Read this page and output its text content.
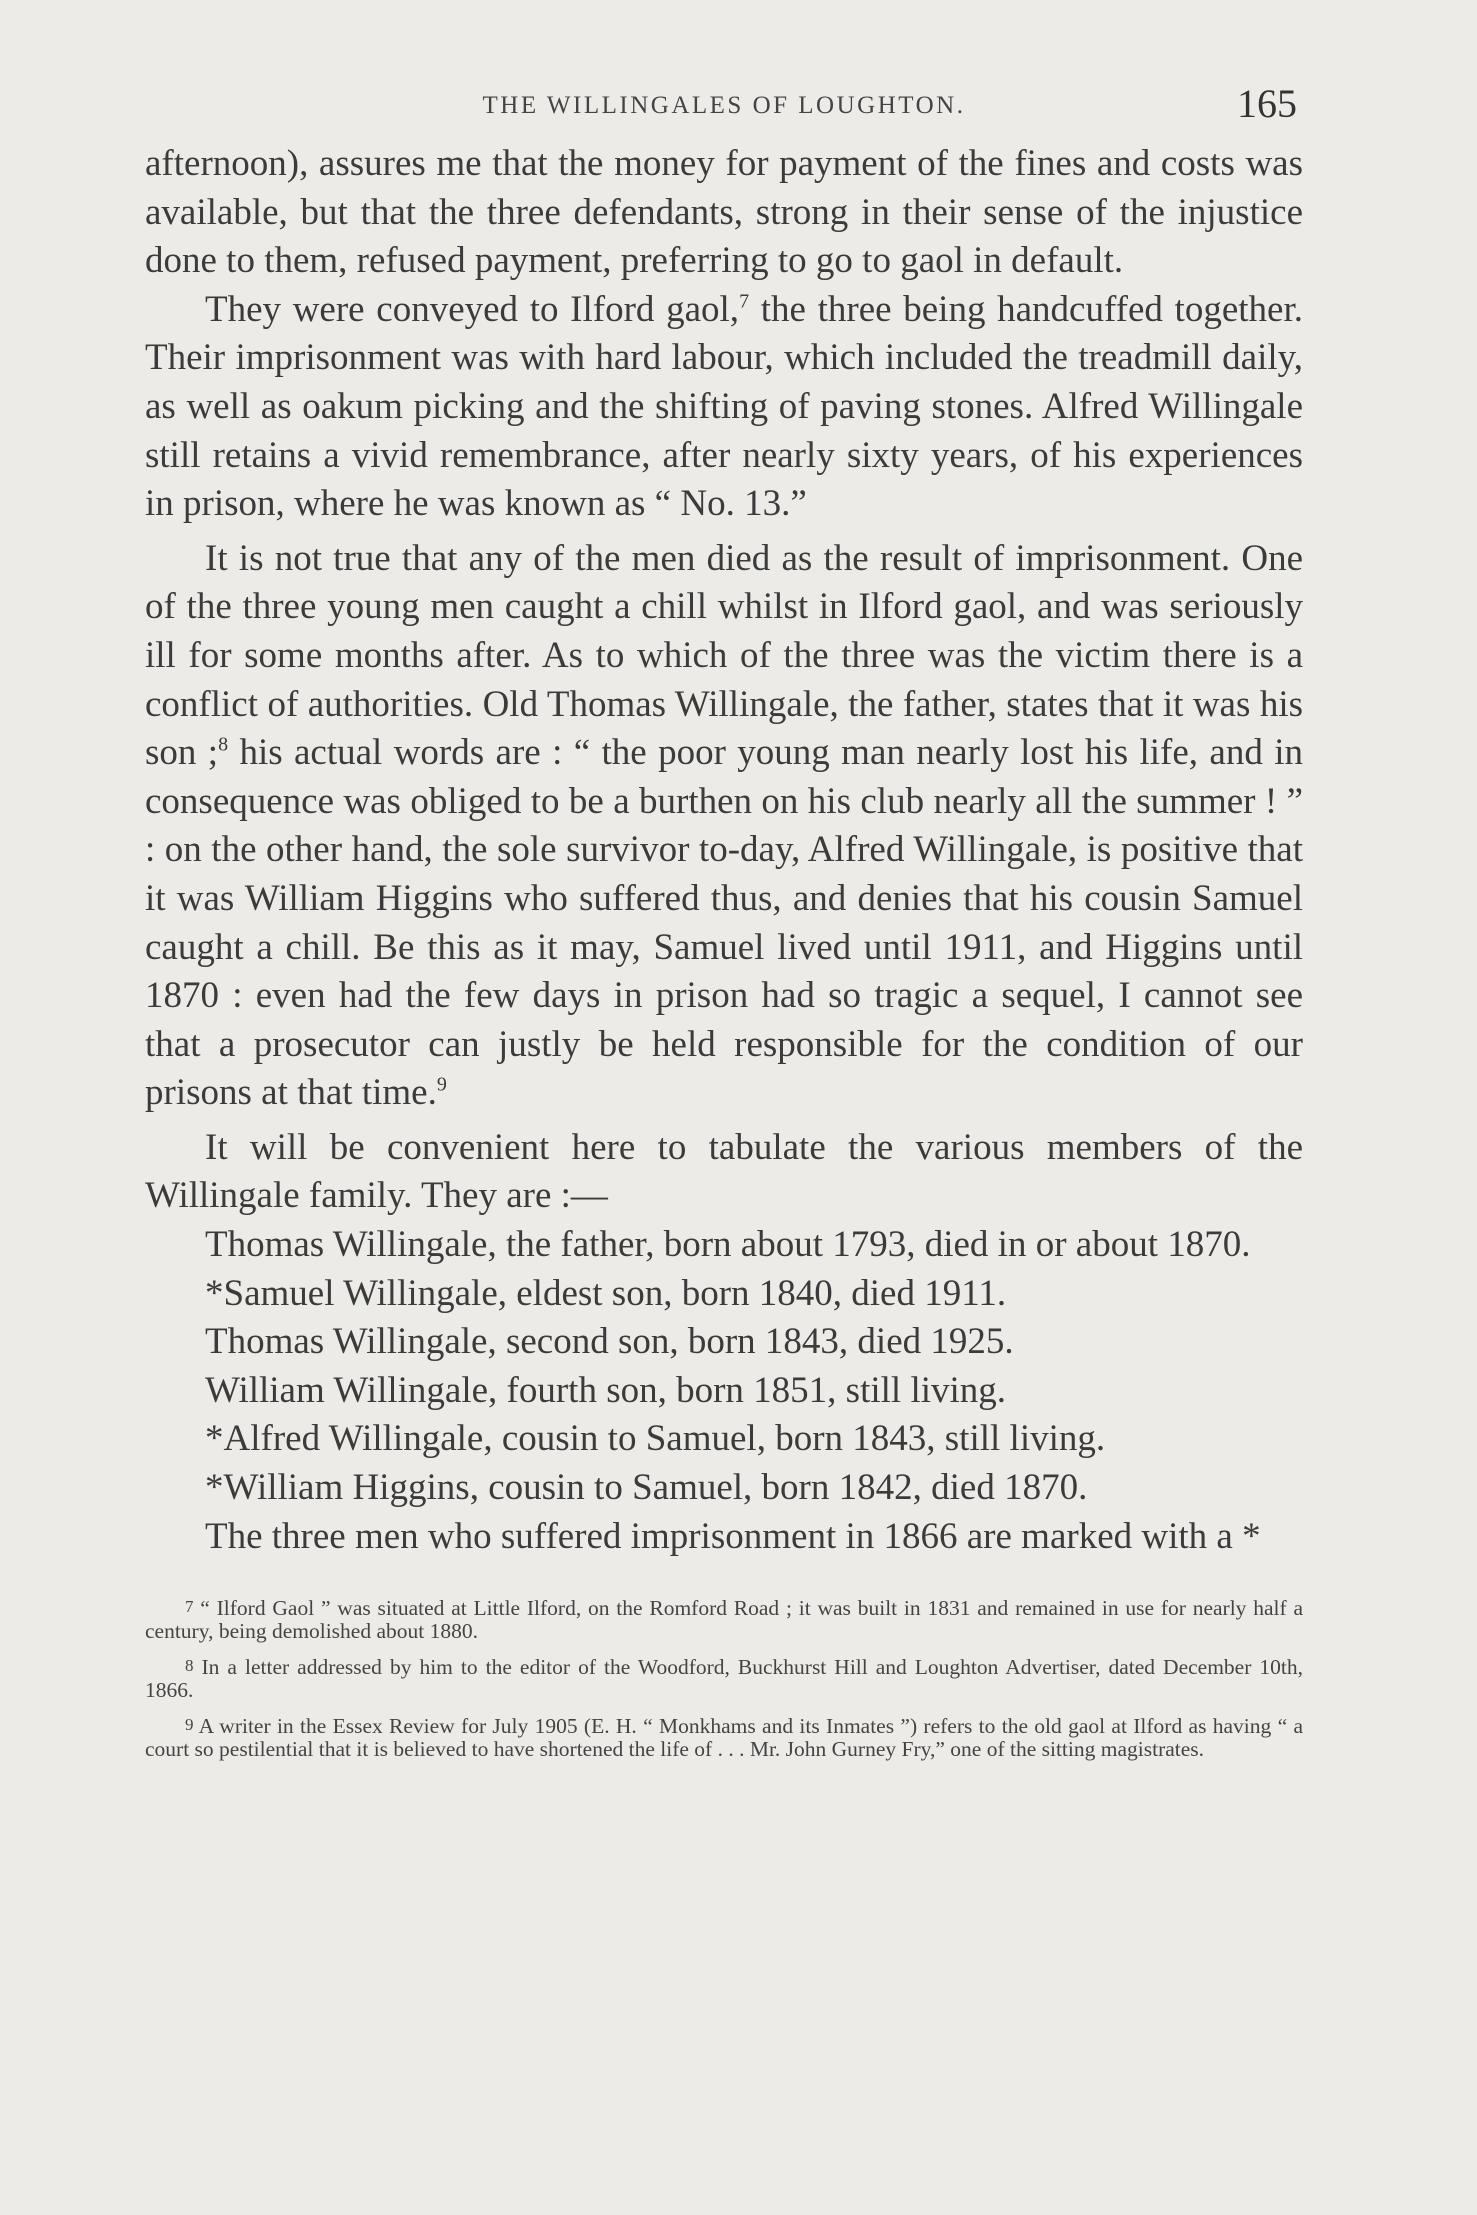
THE WILLINGALES OF LOUGHTON.	165

afternoon), assures me that the money for payment of the fines and costs was available, but that the three defendants, strong in their sense of the injustice done to them, refused payment, preferring to go to gaol in default.

They were conveyed to Ilford gaol,$^7$ the three being handcuffed together. Their imprisonment was with hard labour, which included the treadmill daily, as well as oakum picking and the shifting of paving stones. Alfred Willingale still retains a vivid remembrance, after nearly sixty years, of his experiences in prison, where he was known as “ No. 13.”

It is not true that any of the men died as the result of imprisonment. One of the three young men caught a chill whilst in Ilford gaol, and was seriously ill for some months after. As to which of the three was the victim there is a conflict of authorities. Old Thomas Willingale, the father, states that it was his son ;$^8$ his actual words are : “ the poor young man nearly lost his life, and in consequence was obliged to be a burthen on his club nearly all the summer ! ” : on the other hand, the sole survivor to-day, Alfred Willingale, is positive that it was William Higgins who suffered thus, and denies that his cousin Samuel caught a chill. Be this as it may, Samuel lived until 1911, and Higgins until 1870 : even had the few days in prison had so tragic a sequel, I cannot see that a prosecutor can justly be held responsible for the condition of our prisons at that time.$^9$

It will be convenient here to tabulate the various members of the Willingale family. They are :—

Thomas Willingale, the father, born about 1793, died in or about 1870.
*Samuel Willingale, eldest son, born 1840, died 1911.
Thomas Willingale, second son, born 1843, died 1925.
William Willingale, fourth son, born 1851, still living.
*Alfred Willingale, cousin to Samuel, born 1843, still living.
*William Higgins, cousin to Samuel, born 1842, died 1870.

The three men who suffered imprisonment in 1866 are marked with a *

7 “ Ilford Gaol ” was situated at Little Ilford, on the Romford Road ; it was built in 1831 and remained in use for nearly half a century, being demolished about 1880.

8 In a letter addressed by him to the editor of the Woodford, Buckhurst Hill and Loughton Advertiser, dated December 10th, 1866.

9 A writer in the Essex Review for July 1905 (E. H. “ Monkhams and its Inmates ”) refers to the old gaol at Ilford as having “ a court so pestilential that it is believed to have shortened the life of . . . Mr. John Gurney Fry,” one of the sitting magistrates.
